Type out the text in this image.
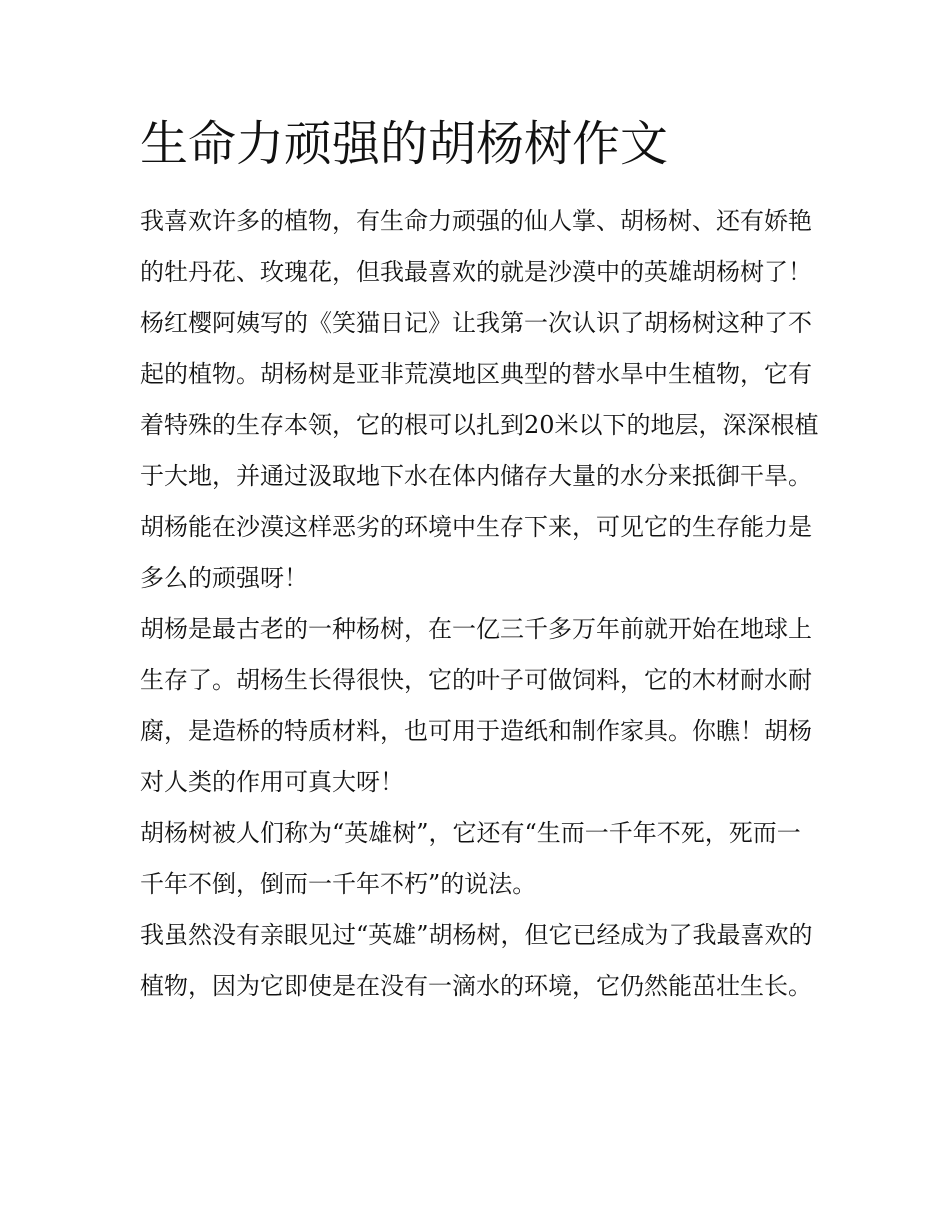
生命力顽强的胡杨树作文

我喜欢许多的植物，有生命力顽强的仙人掌、胡杨树、还有娇艳的牡丹花、玫瑰花，但我最喜欢的就是沙漠中的英雄胡杨树了！

杨红樱阿姨写的《笑猫日记》让我第一次认识了胡杨树这种了不起的植物。胡杨树是亚非荒漠地区典型的替水旱中生植物，它有着特殊的生存本领，它的根可以扎到20米以下的地层，深深根植于大地，并通过汲取地下水在体内储存大量的水分来抵御干旱。胡杨能在沙漠这样恶劣的环境中生存下来，可见它的生存能力是多么的顽强呀！

胡杨是最古老的一种杨树，在一亿三千多万年前就开始在地球上生存了。胡杨生长得很快，它的叶子可做饲料，它的木材耐水耐腐，是造桥的特质材料，也可用于造纸和制作家具。你瞧！胡杨对人类的作用可真大呀！

胡杨树被人们称为“英雄树”，它还有“生而一千年不死，死而一千年不倒，倒而一千年不朽”的说法。

我虽然没有亲眼见过“英雄”胡杨树，但它已经成为了我最喜欢的植物，因为它即使是在没有一滴水的环境，它仍然能茁壮生长。
